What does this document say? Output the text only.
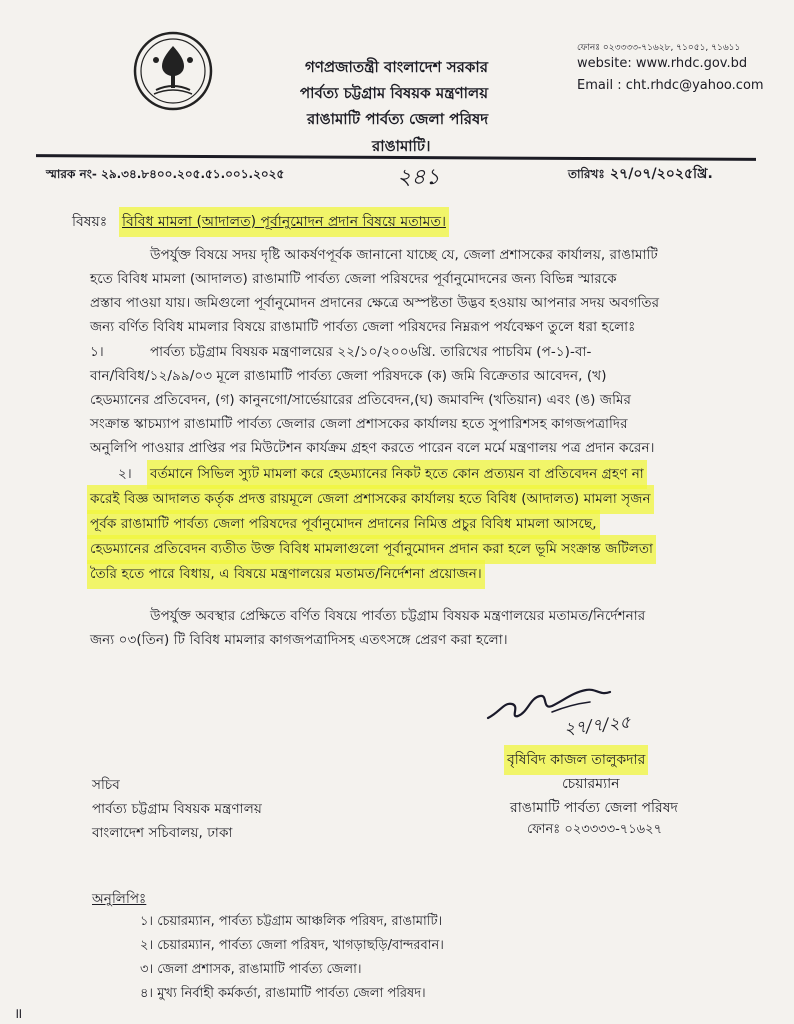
গণপ্রজাতন্ত্রী বাংলাদেশ সরকার
পার্বত্য চট্টগ্রাম বিষয়ক মন্ত্রণালয়
রাঙামাটি পার্বত্য জেলা পরিষদ
রাঙামাটি।
ফোনঃ ০২৩৩৩৩-৭১৬২৮, ৭১০৫১, ৭১৬১১
website: www.rhdc.gov.bd
Email : cht.rhdc@yahoo.com
স্মারক নং- ২৯.৩৪.৮৪০০.২০৫.৫১.০০১.২০২৫	২৪১	তারিখঃ ২৭/০৭/২০২৫খ্রি.
বিষয়ঃ বিবিধ মামলা (আদালত) পূর্বানুমোদন প্রদান বিষয়ে মতামত।
উপর্যুক্ত বিষয়ে সদয় দৃষ্টি আকর্ষণপূর্বক জানানো যাচ্ছে যে, জেলা প্রশাসকের কার্যালয়, রাঙামাটি
হতে বিবিধ মামলা (আদালত) রাঙামাটি পার্বত্য জেলা পরিষদের পূর্বানুমোদনের জন্য বিভিন্ন স্মারকে
প্রস্তাব পাওয়া যায়। জমিগুলো পূর্বানুমোদন প্রদানের ক্ষেত্রে অস্পষ্টতা উদ্ভব হওয়ায় আপনার সদয় অবগতির
জন্য বর্ণিত বিবিধ মামলার বিষয়ে রাঙামাটি পার্বত্য জেলা পরিষদের নিম্নরূপ পর্যবেক্ষণ তুলে ধরা হলোঃ
১।	পার্বত্য চট্টগ্রাম বিষয়ক মন্ত্রণালয়ের ২২/১০/২০০৬খ্রি. তারিখের পাচবিম (প-১)-বা-
বান/বিবিধ/১২/৯৯/০৩ মূলে রাঙামাটি পার্বত্য জেলা পরিষদকে (ক) জমি বিক্রেতার আবেদন, (খ)
হেডম্যানের প্রতিবেদন, (গ) কানুনগো/সার্ভেয়ারের প্রতিবেদন,(ঘ) জমাবন্দি (খতিয়ান) এবং (ঙ) জমির
সংক্রান্ত স্কাচম্যাপ রাঙামাটি পার্বত্য জেলার জেলা প্রশাসকের কার্যালয় হতে সুপারিশসহ কাগজপত্রাদির
অনুলিপি পাওয়ার প্রাপ্তির পর মিউটেশন কার্যক্রম গ্রহণ করতে পারেন বলে মর্মে মন্ত্রণালয় পত্র প্রদান করেন।
২। বর্তমানে সিভিল স্যুট মামলা করে হেডম্যানের নিকট হতে কোন প্রত্যয়ন বা প্রতিবেদন গ্রহণ না
করেই বিজ্ঞ আদালত কর্তৃক প্রদত্ত রায়মূলে জেলা প্রশাসকের কার্যালয় হতে বিবিধ (আদালত) মামলা সৃজন
পূর্বক রাঙামাটি পার্বত্য জেলা পরিষদের পূর্বানুমোদন প্রদানের নিমিত্ত প্রচুর বিবিধ মামলা আসছে,
হেডম্যানের প্রতিবেদন ব্যতীত উক্ত বিবিধ মামলাগুলো পূর্বানুমোদন প্রদান করা হলে ভূমি সংক্রান্ত জটিলতা
তৈরি হতে পারে বিধায়, এ বিষয়ে মন্ত্রণালয়ের মতামত/নির্দেশনা প্রয়োজন।
উপর্যুক্ত অবস্থার প্রেক্ষিতে বর্ণিত বিষয়ে পার্বত্য চট্টগ্রাম বিষয়ক মন্ত্রণালয়ের মতামত/নির্দেশনার
জন্য ০৩(তিন) টি বিবিধ মামলার কাগজপত্রাদিসহ এতৎসঙ্গে প্রেরণ করা হলো।
২৭/৭/২৫
বৃষিবিদ কাজল তালুকদার
চেয়ারম্যান
রাঙামাটি পার্বত্য জেলা পরিষদ
ফোনঃ ০২৩৩৩৩-৭১৬২৭
সচিব
পার্বত্য চট্টগ্রাম বিষয়ক মন্ত্রণালয়
বাংলাদেশ সচিবালয়, ঢাকা
অনুলিপিঃ
১। চেয়ারম্যান, পার্বত্য চট্টগ্রাম আঞ্চলিক পরিষদ, রাঙামাটি।
২। চেয়ারম্যান, পার্বত্য জেলা পরিষদ, খাগড়াছড়ি/বান্দরবান।
৩। জেলা প্রশাসক, রাঙামাটি পার্বত্য জেলা।
৪। মুখ্য নির্বাহী কর্মকর্তা, রাঙামাটি পার্বত্য জেলা পরিষদ।
॥
